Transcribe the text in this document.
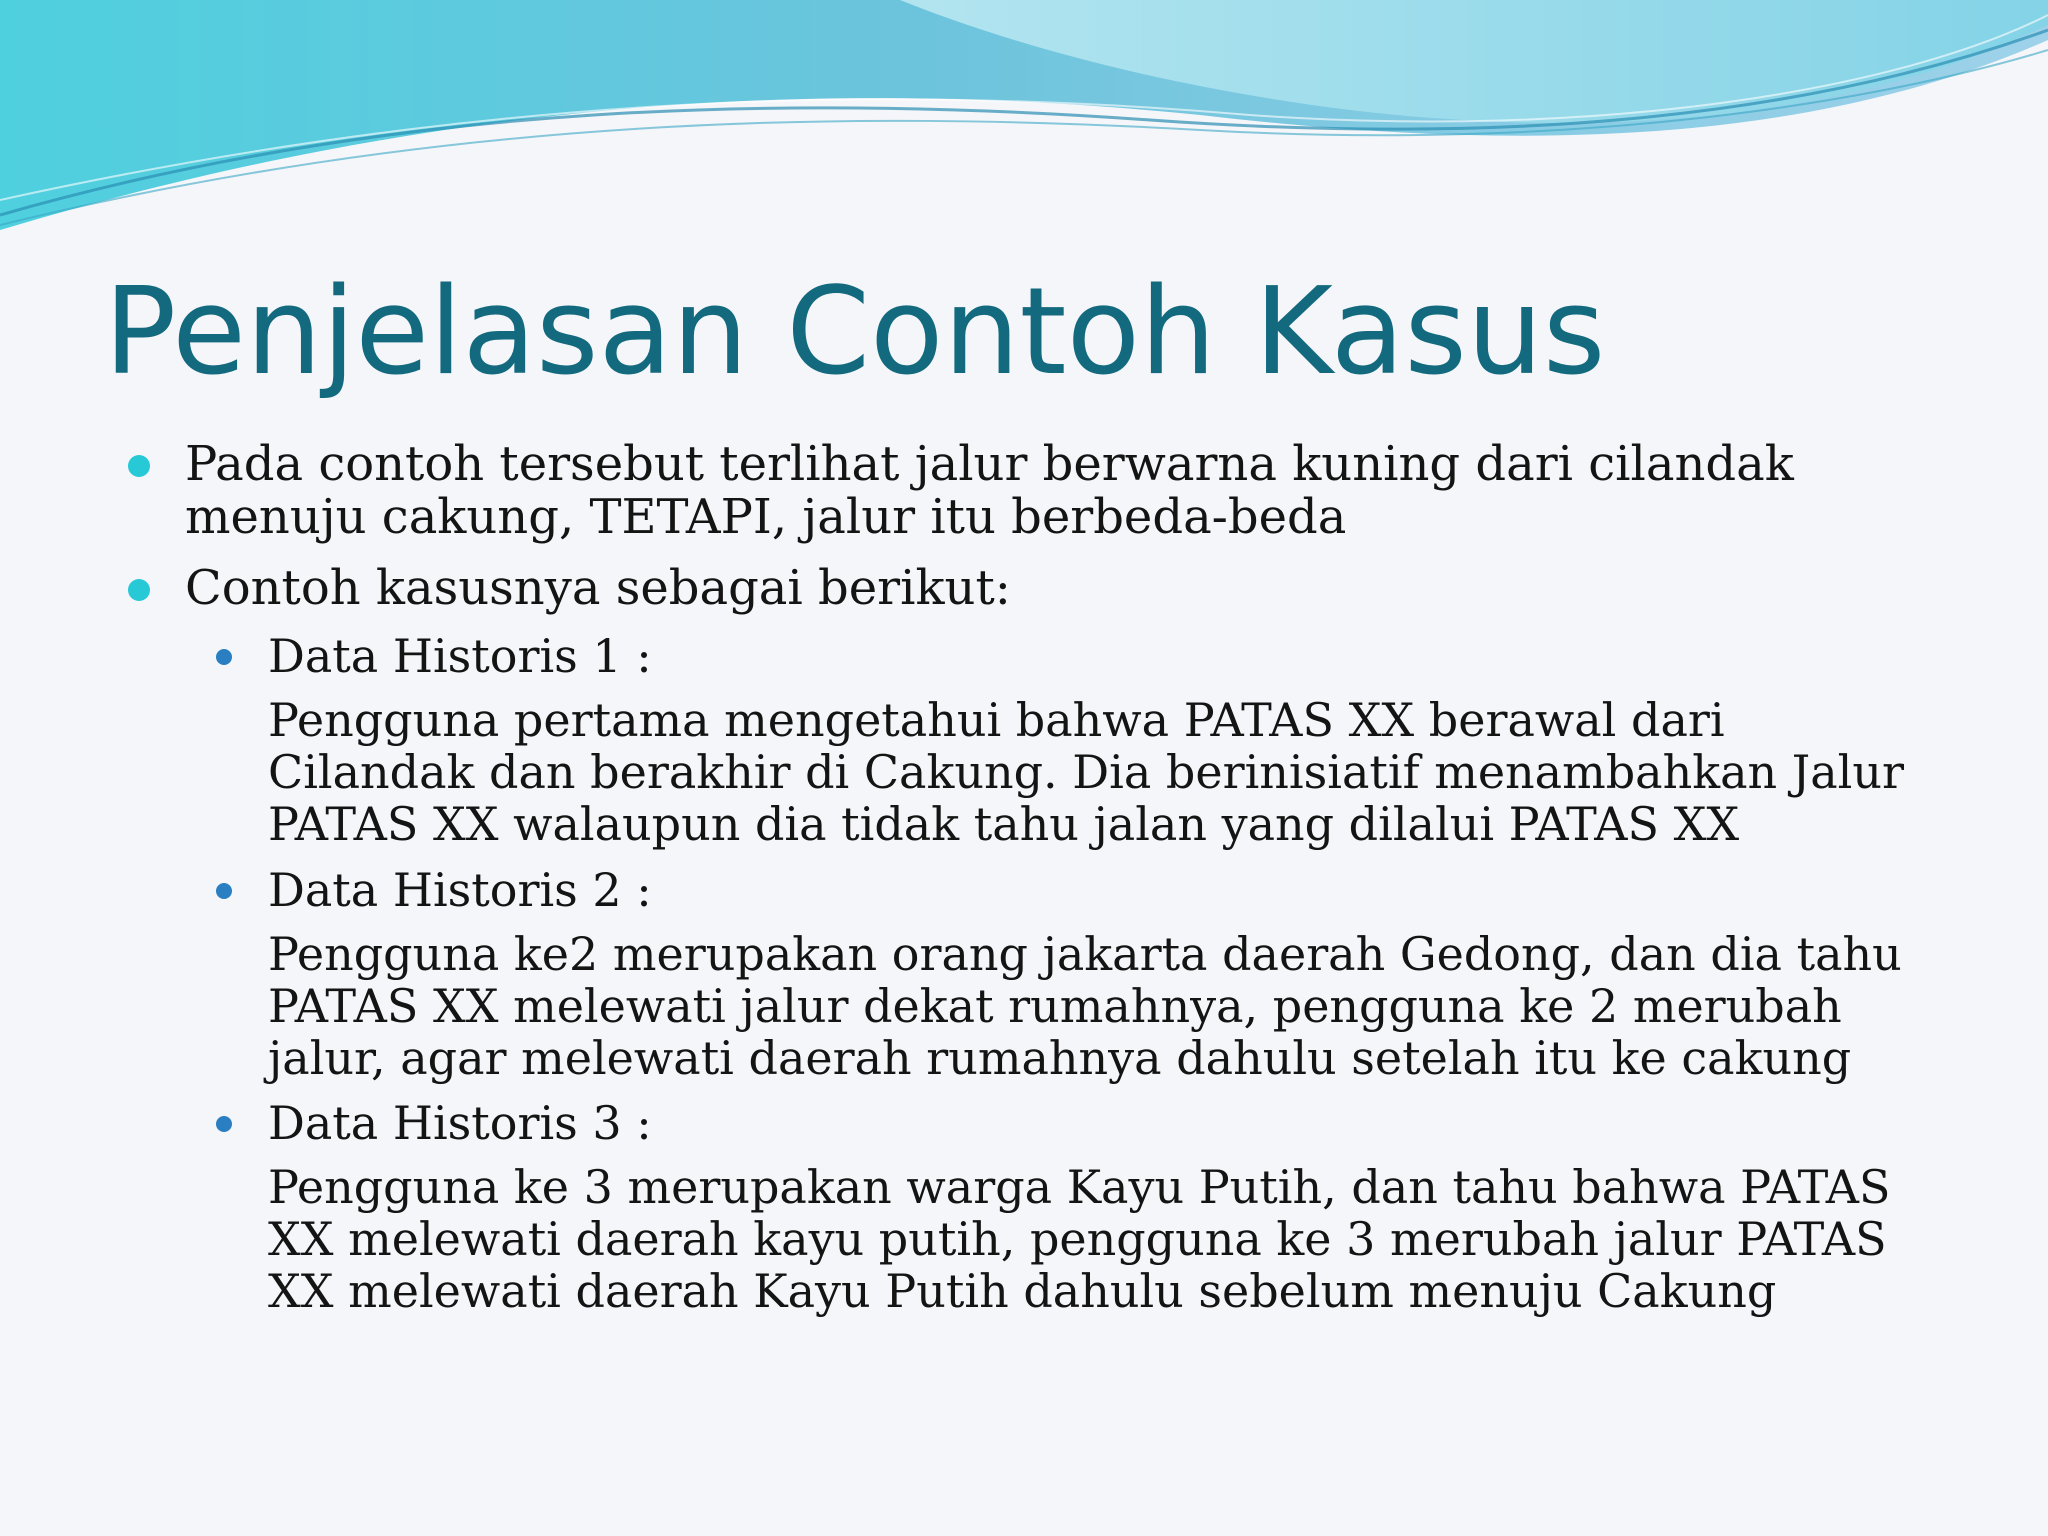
Penjelasan Contoh Kasus
Pada contoh tersebut terlihat jalur berwarna kuning dari cilandak
menuju cakung, TETAPI, jalur itu berbeda-beda
Contoh kasusnya sebagai berikut:
Data Historis 1 :
Pengguna pertama mengetahui bahwa PATAS XX berawal dari
Cilandak dan berakhir di Cakung. Dia berinisiatif menambahkan Jalur
PATAS XX walaupun dia tidak tahu jalan yang dilalui PATAS XX
Data Historis 2 :
Pengguna ke2 merupakan orang jakarta daerah Gedong, dan dia tahu
PATAS XX melewati jalur dekat rumahnya, pengguna ke 2 merubah
jalur, agar melewati daerah rumahnya dahulu setelah itu ke cakung
Data Historis 3 :
Pengguna ke 3 merupakan warga Kayu Putih, dan tahu bahwa PATAS
XX melewati daerah kayu putih, pengguna ke 3 merubah jalur PATAS
XX melewati daerah Kayu Putih dahulu sebelum menuju Cakung
